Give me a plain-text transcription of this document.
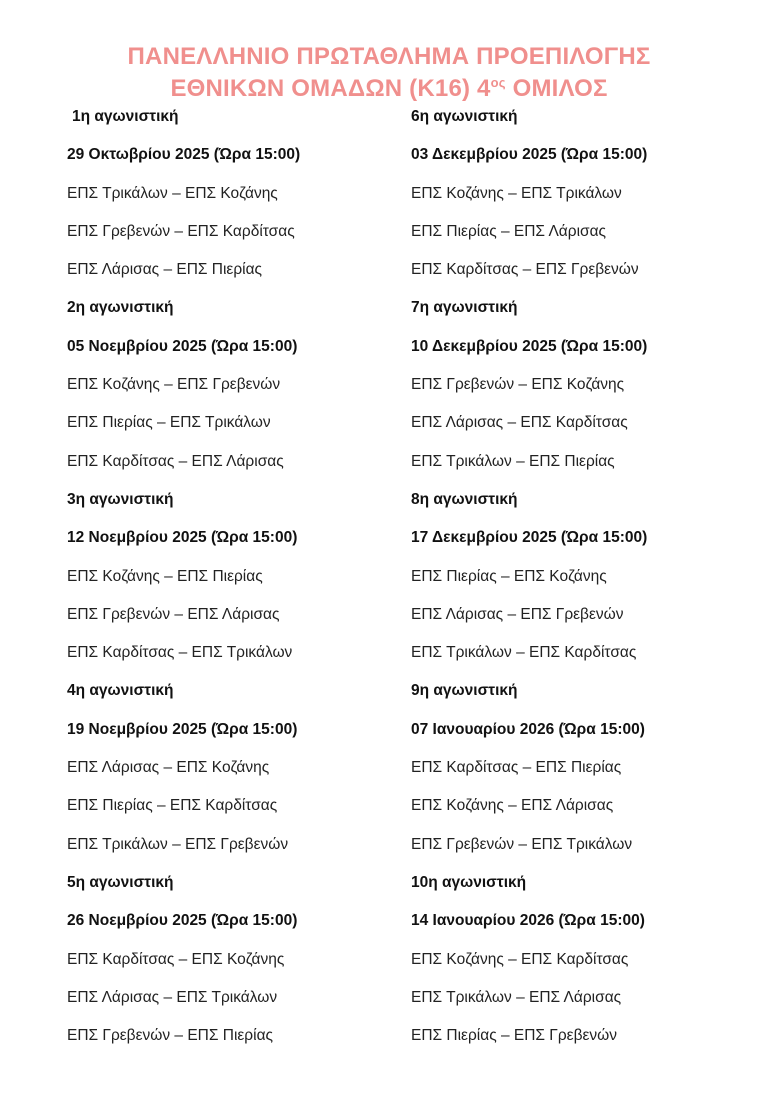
ΠΑΝΕΛΛΗΝΙΟ ΠΡΩΤΑΘΛΗΜΑ ΠΡΟΕΠΙΛΟΓΗΣ
ΕΘΝΙΚΩΝ ΟΜΑΔΩΝ (Κ16) $4^{o\varsigma}$ ΟΜΙΛΟΣ
1η αγωνιστική
29 Οκτωβρίου 2025 (Ώρα 15:00)
ΕΠΣ Τρικάλων – ΕΠΣ Κοζάνης
ΕΠΣ Γρεβενών – ΕΠΣ Καρδίτσας
ΕΠΣ Λάρισας – ΕΠΣ Πιερίας
2η αγωνιστική
05 Νοεμβρίου 2025 (Ώρα 15:00)
ΕΠΣ Κοζάνης – ΕΠΣ Γρεβενών
ΕΠΣ Πιερίας – ΕΠΣ Τρικάλων
ΕΠΣ Καρδίτσας – ΕΠΣ Λάρισας
3η αγωνιστική
12 Νοεμβρίου 2025 (Ώρα 15:00)
ΕΠΣ Κοζάνης – ΕΠΣ Πιερίας
ΕΠΣ Γρεβενών – ΕΠΣ Λάρισας
ΕΠΣ Καρδίτσας – ΕΠΣ Τρικάλων
4η αγωνιστική
19 Νοεμβρίου 2025 (Ώρα 15:00)
ΕΠΣ Λάρισας – ΕΠΣ Κοζάνης
ΕΠΣ Πιερίας – ΕΠΣ Καρδίτσας
ΕΠΣ Τρικάλων – ΕΠΣ Γρεβενών
5η αγωνιστική
26 Νοεμβρίου 2025 (Ώρα 15:00)
ΕΠΣ Καρδίτσας – ΕΠΣ Κοζάνης
ΕΠΣ Λάρισας – ΕΠΣ Τρικάλων
ΕΠΣ Γρεβενών – ΕΠΣ Πιερίας
6η αγωνιστική
03 Δεκεμβρίου 2025 (Ώρα 15:00)
ΕΠΣ Κοζάνης – ΕΠΣ Τρικάλων
ΕΠΣ Πιερίας – ΕΠΣ Λάρισας
ΕΠΣ Καρδίτσας – ΕΠΣ Γρεβενών
7η αγωνιστική
10 Δεκεμβρίου 2025 (Ώρα 15:00)
ΕΠΣ Γρεβενών – ΕΠΣ Κοζάνης
ΕΠΣ Λάρισας – ΕΠΣ Καρδίτσας
ΕΠΣ Τρικάλων – ΕΠΣ Πιερίας
8η αγωνιστική
17 Δεκεμβρίου 2025 (Ώρα 15:00)
ΕΠΣ Πιερίας – ΕΠΣ Κοζάνης
ΕΠΣ Λάρισας – ΕΠΣ Γρεβενών
ΕΠΣ Τρικάλων – ΕΠΣ Καρδίτσας
9η αγωνιστική
07 Ιανουαρίου 2026 (Ώρα 15:00)
ΕΠΣ Καρδίτσας – ΕΠΣ Πιερίας
ΕΠΣ Κοζάνης – ΕΠΣ Λάρισας
ΕΠΣ Γρεβενών – ΕΠΣ Τρικάλων
10η αγωνιστική
14 Ιανουαρίου 2026 (Ώρα 15:00)
ΕΠΣ Κοζάνης – ΕΠΣ Καρδίτσας
ΕΠΣ Τρικάλων – ΕΠΣ Λάρισας
ΕΠΣ Πιερίας – ΕΠΣ Γρεβενών
